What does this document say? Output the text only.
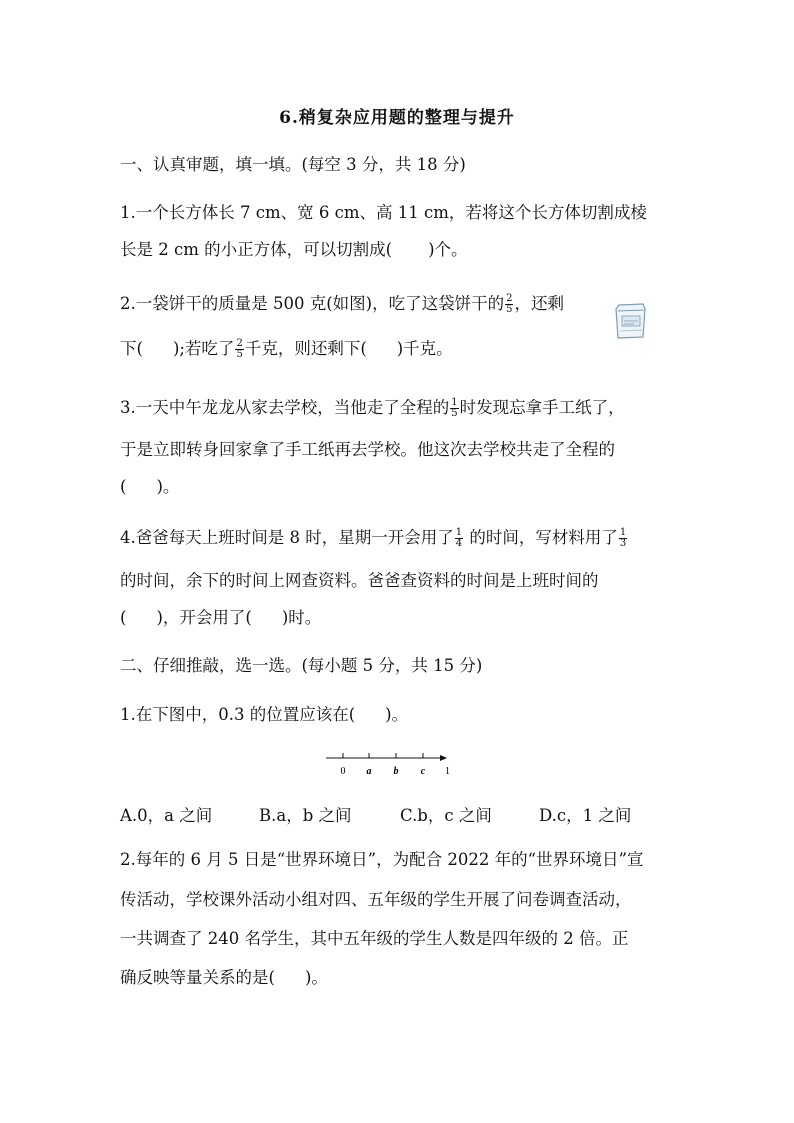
6.稍复杂应用题的整理与提升
一、认真审题，填一填。(每空 3 分，共 18 分)
1.一个长方体长 7 cm、宽 6 cm、高 11 cm，若将这个长方体切割成棱
长是 2 cm 的小正方体，可以切割成( )个。
2.一袋饼干的质量是 500 克(如图)，吃了这袋饼干的 $\frac{2}{5}$ ，还剩
下( );若吃了 $\frac{2}{5}$ 千克，则还剩下( )千克。
3.一天中午龙龙从家去学校，当他走了全程的 $\frac{1}{5}$ 时发现忘拿手工纸了，
于是立即转身回家拿了手工纸再去学校。他这次去学校共走了全程的
( )。
4.爸爸每天上班时间是 8 时，星期一开会用了 $\frac{1}{4}$ 的时间，写材料用了 $\frac{1}{3}$
的时间，余下的时间上网查资料。爸爸查资料的时间是上班时间的
( )，开会用了( )时。
二、仔细推敲，选一选。(每小题 5 分，共 15 分)
1.在下图中，0.3 的位置应该在( )。
0 a b c 1
A.0，a 之间	B.a，b 之间	C.b，c 之间	D.c，1 之间
2.每年的 6 月 5 日是“世界环境日”，为配合 2022 年的“世界环境日”宣
传活动，学校课外活动小组对四、五年级的学生开展了问卷调查活动，
一共调查了 240 名学生，其中五年级的学生人数是四年级的 2 倍。正
确反映等量关系的是( )。
